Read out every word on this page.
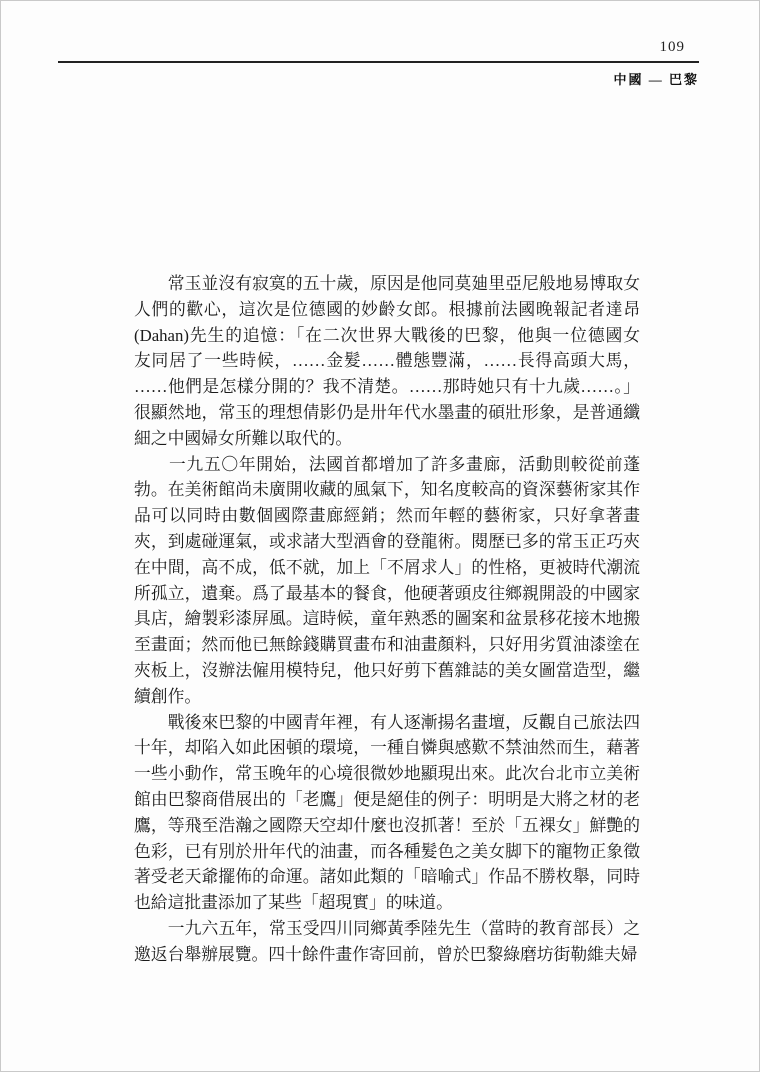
109
中國 — 巴黎
　　常玉並沒有寂寞的五十歲，原因是他同莫廸里亞尼般地易博取女
人們的歡心，這次是位德國的妙齡女郎。根據前法國晚報記者達昂
(Dahan)先生的追憶：「在二次世界大戰後的巴黎，他與一位德國女
友同居了一些時候，……金髮……體態豐滿，……長得高頭大馬，
……他們是怎樣分開的？我不清楚。……那時她只有十九歲……。」
很顯然地，常玉的理想倩影仍是卅年代水墨畫的碩壯形象，是普通纖
細之中國婦女所難以取代的。
　　一九五〇年開始，法國首都增加了許多畫廊，活動則較從前蓬
勃。在美術館尚未廣開收藏的風氣下，知名度較高的資深藝術家其作
品可以同時由數個國際畫廊經銷；然而年輕的藝術家，只好拿著畫
夾，到處碰運氣，或求諸大型酒會的登龍術。閱歷已多的常玉正巧夾
在中間，高不成，低不就，加上「不屑求人」的性格，更被時代潮流
所孤立，遺棄。爲了最基本的餐食，他硬著頭皮往鄉親開設的中國家
具店，繪製彩漆屏風。這時候，童年熟悉的圖案和盆景移花接木地搬
至畫面；然而他已無餘錢購買畫布和油畫顏料，只好用劣質油漆塗在
夾板上，沒辦法僱用模特兒，他只好剪下舊雜誌的美女圖當造型，繼
續創作。
　　戰後來巴黎的中國青年裡，有人逐漸揚名畫壇，反觀自己旅法四
十年，却陷入如此困頓的環境，一種自憐與感歎不禁油然而生，藉著
一些小動作，常玉晚年的心境很微妙地顯現出來。此次台北市立美術
館由巴黎商借展出的「老鷹」便是絕佳的例子：明明是大將之材的老
鷹，等飛至浩瀚之國際天空却什麼也沒抓著！至於「五裸女」鮮艷的
色彩，已有別於卅年代的油畫，而各種髮色之美女脚下的寵物正象徵
著受老天爺擺佈的命運。諸如此類的「暗喻式」作品不勝枚舉，同時
也給這批畫添加了某些「超現實」的味道。
　　一九六五年，常玉受四川同鄉黃季陸先生（當時的教育部長）之
邀返台舉辦展覽。四十餘件畫作寄回前，曾於巴黎綠磨坊街勒維夫婦
